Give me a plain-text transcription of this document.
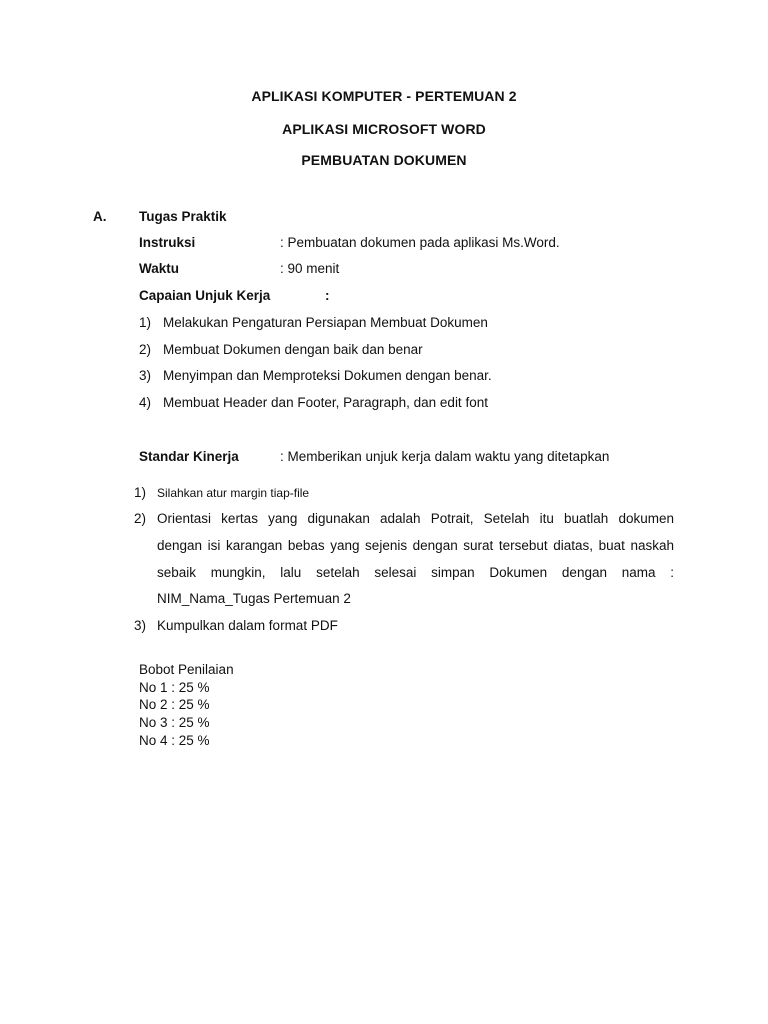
APLIKASI KOMPUTER - PERTEMUAN 2
APLIKASI MICROSOFT WORD
PEMBUATAN DOKUMEN
A. Tugas Praktik
Instruksi	: Pembuatan dokumen pada aplikasi Ms.Word.
Waktu	: 90 menit
Capaian Unjuk Kerja	:
1) Melakukan Pengaturan Persiapan Membuat Dokumen
2) Membuat Dokumen dengan baik dan benar
3) Menyimpan dan Memproteksi Dokumen dengan benar.
4) Membuat Header dan Footer, Paragraph, dan edit font
Standar Kinerja	: Memberikan unjuk kerja dalam waktu yang ditetapkan
1) Silahkan atur margin tiap-file
2) Orientasi kertas yang digunakan adalah Potrait, Setelah itu buatlah dokumen
dengan isi karangan bebas yang sejenis dengan surat tersebut diatas, buat naskah
sebaik mungkin, lalu setelah selesai simpan Dokumen dengan nama :
NIM_Nama_Tugas Pertemuan 2
3) Kumpulkan dalam format PDF
Bobot Penilaian
No 1 : 25 %
No 2 : 25 %
No 3 : 25 %
No 4 : 25 %
